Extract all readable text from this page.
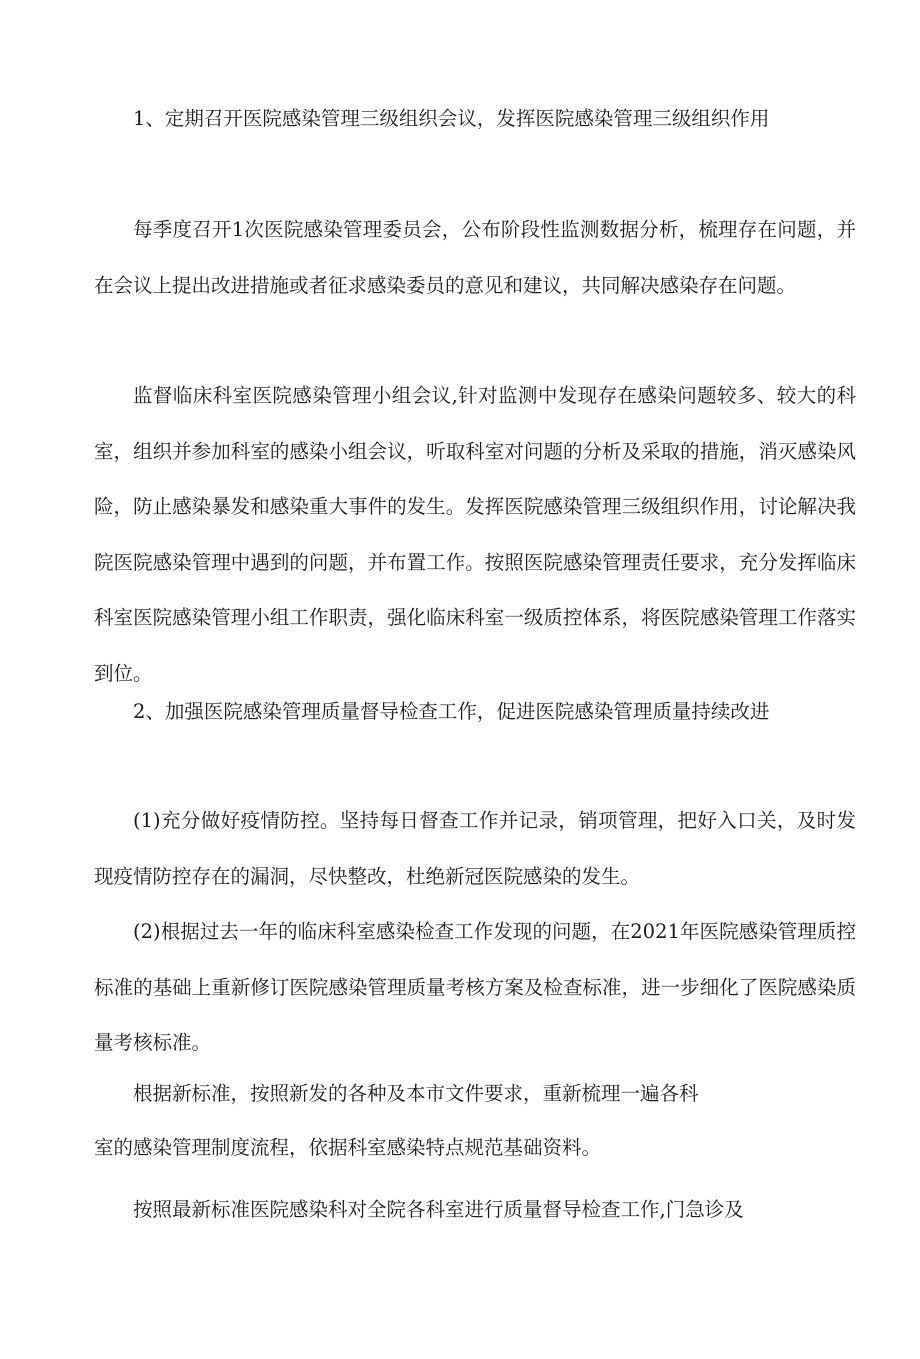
1、定期召开医院感染管理三级组织会议，发挥医院感染管理三级组织作用

每季度召开1次医院感染管理委员会，公布阶段性监测数据分析，梳理存在问题，并在会议上提出改进措施或者征求感染委员的意见和建议，共同解决感染存在问题。

监督临床科室医院感染管理小组会议,针对监测中发现存在感染问题较多、较大的科室，组织并参加科室的感染小组会议，听取科室对问题的分析及采取的措施，消灭感染风险，防止感染暴发和感染重大事件的发生。发挥医院感染管理三级组织作用，讨论解决我院医院感染管理中遇到的问题，并布置工作。按照医院感染管理责任要求，充分发挥临床科室医院感染管理小组工作职责，强化临床科室一级质控体系，将医院感染管理工作落实到位。

2、加强医院感染管理质量督导检查工作，促进医院感染管理质量持续改进

(1)充分做好疫情防控。坚持每日督查工作并记录，销项管理，把好入口关，及时发现疫情防控存在的漏洞，尽快整改，杜绝新冠医院感染的发生。

(2)根据过去一年的临床科室感染检查工作发现的问题，在2021年医院感染管理质控标准的基础上重新修订医院感染管理质量考核方案及检查标准，进一步细化了医院感染质量考核标准。

根据新标准，按照新发的各种及本市文件要求，重新梳理一遍各科

室的感染管理制度流程，依据科室感染特点规范基础资料。

按照最新标准医院感染科对全院各科室进行质量督导检查工作,门急诊及
